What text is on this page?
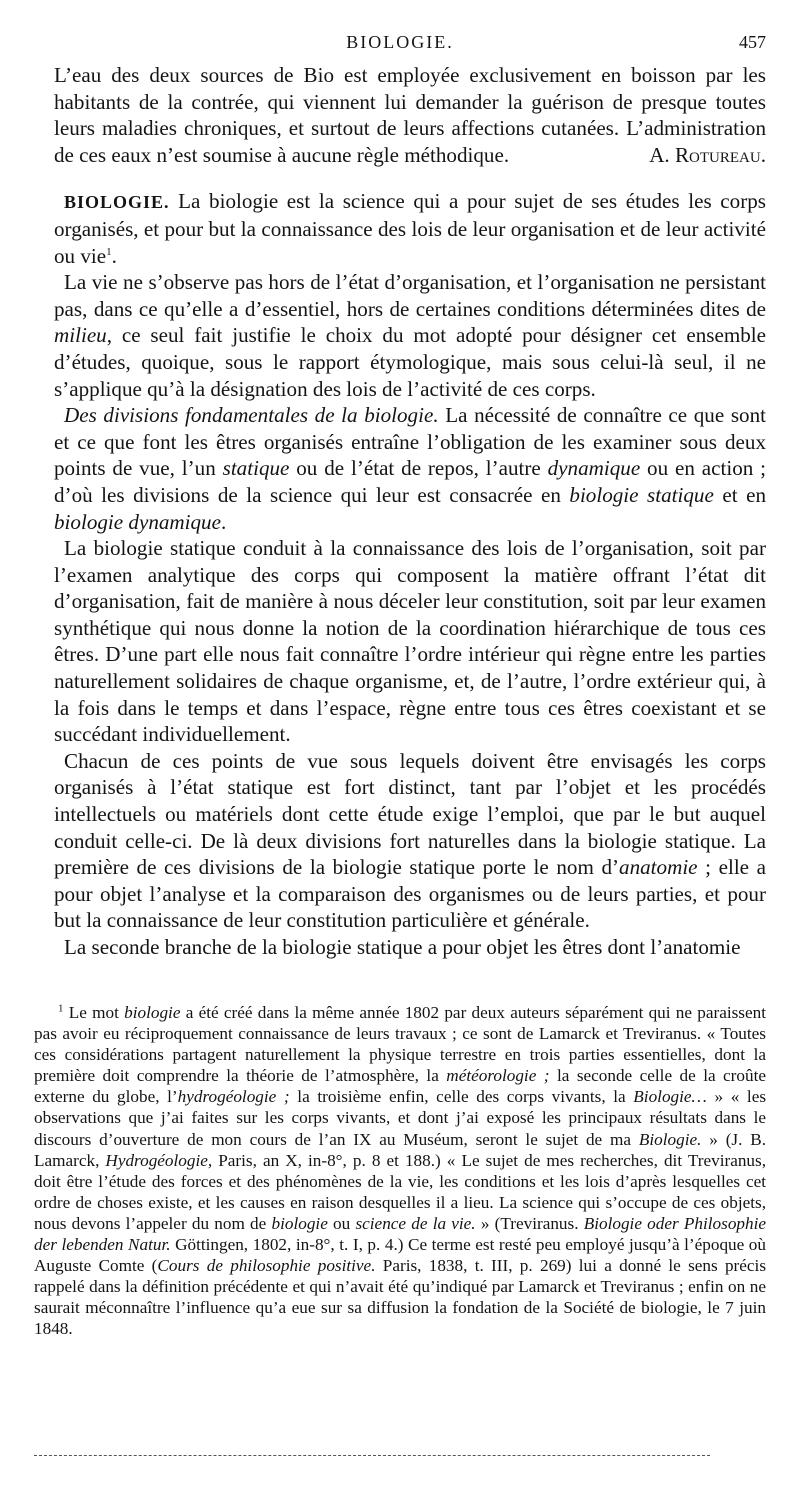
BIOLOGIE.	457

L’eau des deux sources de Bio est employée exclusivement en boisson par les habitants de la contrée, qui viennent lui demander la guérison de presque toutes leurs maladies chroniques, et surtout de leurs affections cutanées. L’administration de ces eaux n’est soumise à aucune règle méthodique.	A. Rotureau.

BIOLOGIE. La biologie est la science qui a pour sujet de ses études les corps organisés, et pour but la connaissance des lois de leur organisation et de leur activité ou vie$^1$.

La vie ne s’observe pas hors de l’état d’organisation, et l’organisation ne persistant pas, dans ce qu’elle a d’essentiel, hors de certaines conditions déterminées dites de milieu, ce seul fait justifie le choix du mot adopté pour désigner cet ensemble d’études, quoique, sous le rapport étymologique, mais sous celui-là seul, il ne s’applique qu’à la désignation des lois de l’activité de ces corps.

Des divisions fondamentales de la biologie. La nécessité de connaître ce que sont et ce que font les êtres organisés entraîne l’obligation de les examiner sous deux points de vue, l’un statique ou de l’état de repos, l’autre dynamique ou en action ; d’où les divisions de la science qui leur est consacrée en biologie statique et en biologie dynamique.

La biologie statique conduit à la connaissance des lois de l’organisation, soit par l’examen analytique des corps qui composent la matière offrant l’état dit d’organisation, fait de manière à nous déceler leur constitution, soit par leur examen synthétique qui nous donne la notion de la coordination hiérarchique de tous ces êtres. D’une part elle nous fait connaître l’ordre intérieur qui règne entre les parties naturellement solidaires de chaque organisme, et, de l’autre, l’ordre extérieur qui, à la fois dans le temps et dans l’espace, règne entre tous ces êtres coexistant et se succédant individuellement.

Chacun de ces points de vue sous lequels doivent être envisagés les corps organisés à l’état statique est fort distinct, tant par l’objet et les procédés intellectuels ou matériels dont cette étude exige l’emploi, que par le but auquel conduit celle-ci. De là deux divisions fort naturelles dans la biologie statique. La première de ces divisions de la biologie statique porte le nom d’anatomie ; elle a pour objet l’analyse et la comparaison des organismes ou de leurs parties, et pour but la connaissance de leur constitution particulière et générale.

La seconde branche de la biologie statique a pour objet les êtres dont l’anatomie

$^1$ Le mot biologie a été créé dans la même année 1802 par deux auteurs séparément qui ne paraissent pas avoir eu réciproquement connaissance de leurs travaux ; ce sont de Lamarck et Treviranus. « Toutes ces considérations partagent naturellement la physique terrestre en trois parties essentielles, dont la première doit comprendre la théorie de l’atmosphère, la météorologie ; la seconde celle de la croûte externe du globe, l’hydrogéologie ; la troisième enfin, celle des corps vivants, la Biologie… » « les observations que j’ai faites sur les corps vivants, et dont j’ai exposé les principaux résultats dans le discours d’ouverture de mon cours de l’an IX au Muséum, seront le sujet de ma Biologie. » (J. B. Lamarck, Hydrogéologie, Paris, an X, in-8°, p. 8 et 188.) « Le sujet de mes recherches, dit Treviranus, doit être l’étude des forces et des phénomènes de la vie, les conditions et les lois d’après lesquelles cet ordre de choses existe, et les causes en raison desquelles il a lieu. La science qui s’occupe de ces objets, nous devons l’appeler du nom de biologie ou science de la vie. » (Treviranus. Biologie oder Philosophie der lebenden Natur. Göttingen, 1802, in-8°, t. I, p. 4.) Ce terme est resté peu employé jusqu’à l’époque où Auguste Comte (Cours de philosophie positive. Paris, 1838, t. III, p. 269) lui a donné le sens précis rappelé dans la définition précédente et qui n’avait été qu’indiqué par Lamarck et Treviranus ; enfin on ne saurait méconnaître l’influence qu’a eue sur sa diffusion la fondation de la Société de biologie, le 7 juin 1848.
